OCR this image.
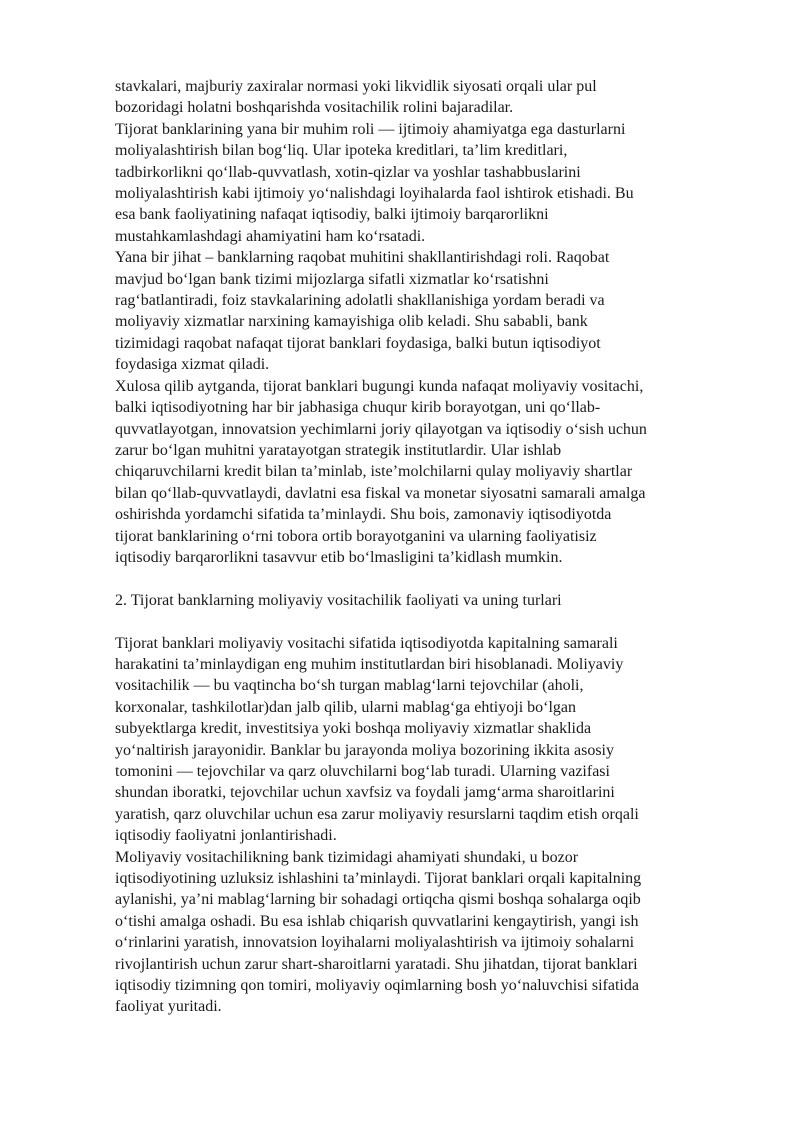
stavkalari, majburiy zaxiralar normasi yoki likvidlik siyosati orqali ular pul
bozoridagi holatni boshqarishda vositachilik rolini bajaradilar.

Tijorat banklarining yana bir muhim roli — ijtimoiy ahamiyatga ega dasturlarni
moliyalashtirish bilan bog‘liq. Ular ipoteka kreditlari, ta’lim kreditlari,
tadbirkorlikni qo‘llab-quvvatlash, xotin-qizlar va yoshlar tashabbuslarini
moliyalashtirish kabi ijtimoiy yo‘nalishdagi loyihalarda faol ishtirok etishadi. Bu
esa bank faoliyatining nafaqat iqtisodiy, balki ijtimoiy barqarorlikni
mustahkamlashdagi ahamiyatini ham ko‘rsatadi.

Yana bir jihat – banklarning raqobat muhitini shakllantirishdagi roli. Raqobat
mavjud bo‘lgan bank tizimi mijozlarga sifatli xizmatlar ko‘rsatishni
rag‘batlantiradi, foiz stavkalarining adolatli shakllanishiga yordam beradi va
moliyaviy xizmatlar narxining kamayishiga olib keladi. Shu sababli, bank
tizimidagi raqobat nafaqat tijorat banklari foydasiga, balki butun iqtisodiyot
foydasiga xizmat qiladi.

Xulosa qilib aytganda, tijorat banklari bugungi kunda nafaqat moliyaviy vositachi,
balki iqtisodiyotning har bir jabhasiga chuqur kirib borayotgan, uni qo‘llab-
quvvatlayotgan, innovatsion yechimlarni joriy qilayotgan va iqtisodiy o‘sish uchun
zarur bo‘lgan muhitni yaratayotgan strategik institutlardir. Ular ishlab
chiqaruvchilarni kredit bilan ta’minlab, iste’molchilarni qulay moliyaviy shartlar
bilan qo‘llab-quvvatlaydi, davlatni esa fiskal va monetar siyosatni samarali amalga
oshirishda yordamchi sifatida ta’minlaydi. Shu bois, zamonaviy iqtisodiyotda
tijorat banklarining o‘rni tobora ortib borayotganini va ularning faoliyatisiz
iqtisodiy barqarorlikni tasavvur etib bo‘lmasligini ta’kidlash mumkin.

2. Tijorat banklarning moliyaviy vositachilik faoliyati va uning turlari

Tijorat banklari moliyaviy vositachi sifatida iqtisodiyotda kapitalning samarali
harakatini ta’minlaydigan eng muhim institutlardan biri hisoblanadi. Moliyaviy
vositachilik — bu vaqtincha bo‘sh turgan mablag‘larni tejovchilar (aholi,
korxonalar, tashkilotlar)dan jalb qilib, ularni mablag‘ga ehtiyoji bo‘lgan
subyektlarga kredit, investitsiya yoki boshqa moliyaviy xizmatlar shaklida
yo‘naltirish jarayonidir. Banklar bu jarayonda moliya bozorining ikkita asosiy
tomonini — tejovchilar va qarz oluvchilarni bog‘lab turadi. Ularning vazifasi
shundan iboratki, tejovchilar uchun xavfsiz va foydali jamg‘arma sharoitlarini
yaratish, qarz oluvchilar uchun esa zarur moliyaviy resurslarni taqdim etish orqali
iqtisodiy faoliyatni jonlantirishadi.

Moliyaviy vositachilikning bank tizimidagi ahamiyati shundaki, u bozor
iqtisodiyotining uzluksiz ishlashini ta’minlaydi. Tijorat banklari orqali kapitalning
aylanishi, ya’ni mablag‘larning bir sohadagi ortiqcha qismi boshqa sohalarga oqib
o‘tishi amalga oshadi. Bu esa ishlab chiqarish quvvatlarini kengaytirish, yangi ish
o‘rinlarini yaratish, innovatsion loyihalarni moliyalashtirish va ijtimoiy sohalarni
rivojlantirish uchun zarur shart-sharoitlarni yaratadi. Shu jihatdan, tijorat banklari
iqtisodiy tizimning qon tomiri, moliyaviy oqimlarning bosh yo‘naluvchisi sifatida
faoliyat yuritadi.
